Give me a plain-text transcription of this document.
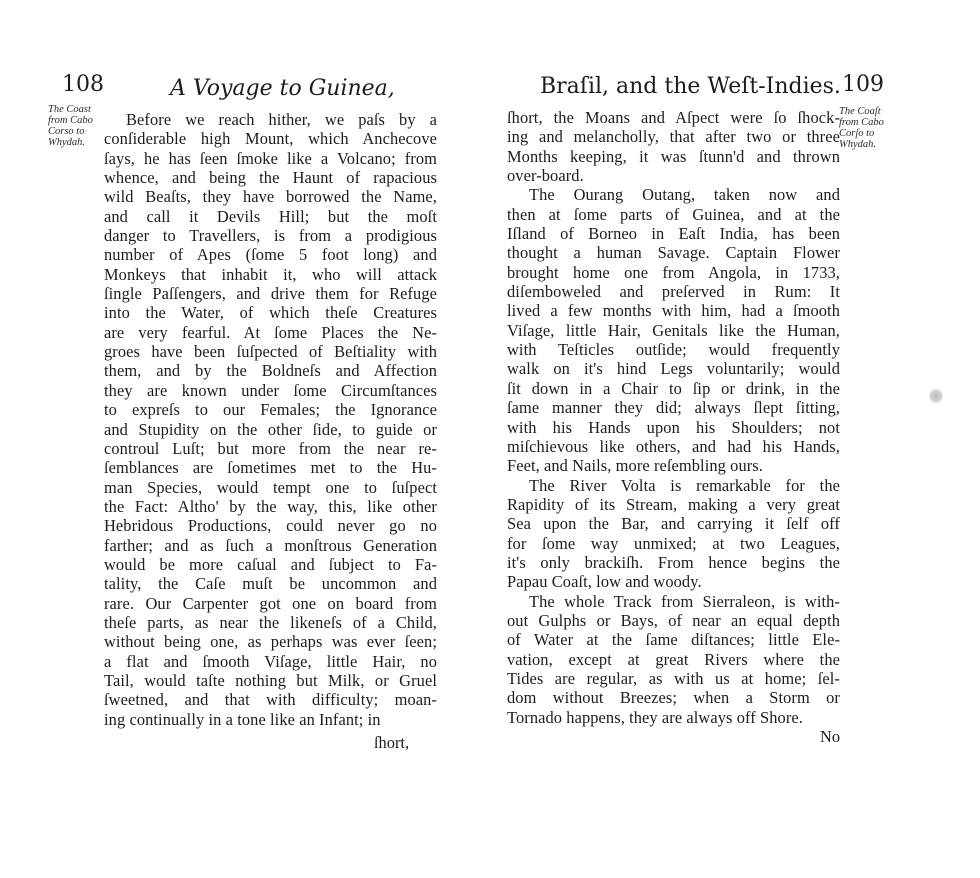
108	A Voyage to Guinea,
The Coast
from Cabo
Corso to
Whydah.
Before we reach hither, we paſs by a
conſiderable high Mount, which Anchecove
ſays, he has ſeen ſmoke like a Volcano; from
whence, and being the Haunt of rapacious
wild Beaſts, they have borrowed the Name,
and call it Devils Hill; but the moſt
danger to Travellers, is from a prodigious
number of Apes (ſome 5 foot long) and
Monkeys that inhabit it, who will attack
ſingle Paſſengers, and drive them for Refuge
into the Water, of which theſe Creatures
are very fearful. At ſome Places the Ne-
groes have been ſuſpected of Beſtiality with
them, and by the Boldneſs and Affection
they are known under ſome Circumſtances
to expreſs to our Females; the Ignorance
and Stupidity on the other ſide, to guide or
controul Luſt; but more from the near re-
ſemblances are ſometimes met to the Hu-
man Species, would tempt one to ſuſpect
the Fact: Altho' by the way, this, like other
Hebridous Productions, could never go no
farther; and as ſuch a monſtrous Generation
would be more caſual and ſubject to Fa-
tality, the Caſe muſt be uncommon and
rare. Our Carpenter got one on board from
theſe parts, as near the likeneſs of a Child,
without being one, as perhaps was ever ſeen;
a flat and ſmooth Viſage, little Hair, no
Tail, would taſte nothing but Milk, or Gruel
ſweetned, and that with difficulty; moan-
ing continually in a tone like an Infant; in
ſhort,
Braſil, and the Weſt-Indies. 109
The Coaſt
from Cabo
Corſo to
Whydah.
ſhort, the Moans and Aſpect were ſo ſhock-
ing and melancholly, that after two or three
Months keeping, it was ſtunn'd and thrown
over-board.
The Ourang Outang, taken now and
then at ſome parts of Guinea, and at the
Iſland of Borneo in Eaſt India, has been
thought a human Savage. Captain Flower
brought home one from Angola, in 1733,
diſemboweled and preſerved in Rum: It
lived a few months with him, had a ſmooth
Viſage, little Hair, Genitals like the Human,
with Teſticles outſide; would frequently
walk on it's hind Legs voluntarily; would
ſit down in a Chair to ſip or drink, in the
ſame manner they did; always ſlept ſitting,
with his Hands upon his Shoulders; not
miſchievous like others, and had his Hands,
Feet, and Nails, more reſembling ours.
The River Volta is remarkable for the
Rapidity of its Stream, making a very great
Sea upon the Bar, and carrying it ſelf off
for ſome way unmixed; at two Leagues,
it's only brackiſh. From hence begins the
Papau Coaſt, low and woody.
The whole Track from Sierraleon, is with-
out Gulphs or Bays, of near an equal depth
of Water at the ſame diſtances; little Ele-
vation, except at great Rivers where the
Tides are regular, as with us at home; ſel-
dom without Breezes; when a Storm or
Tornado happens, they are always off Shore.
No
